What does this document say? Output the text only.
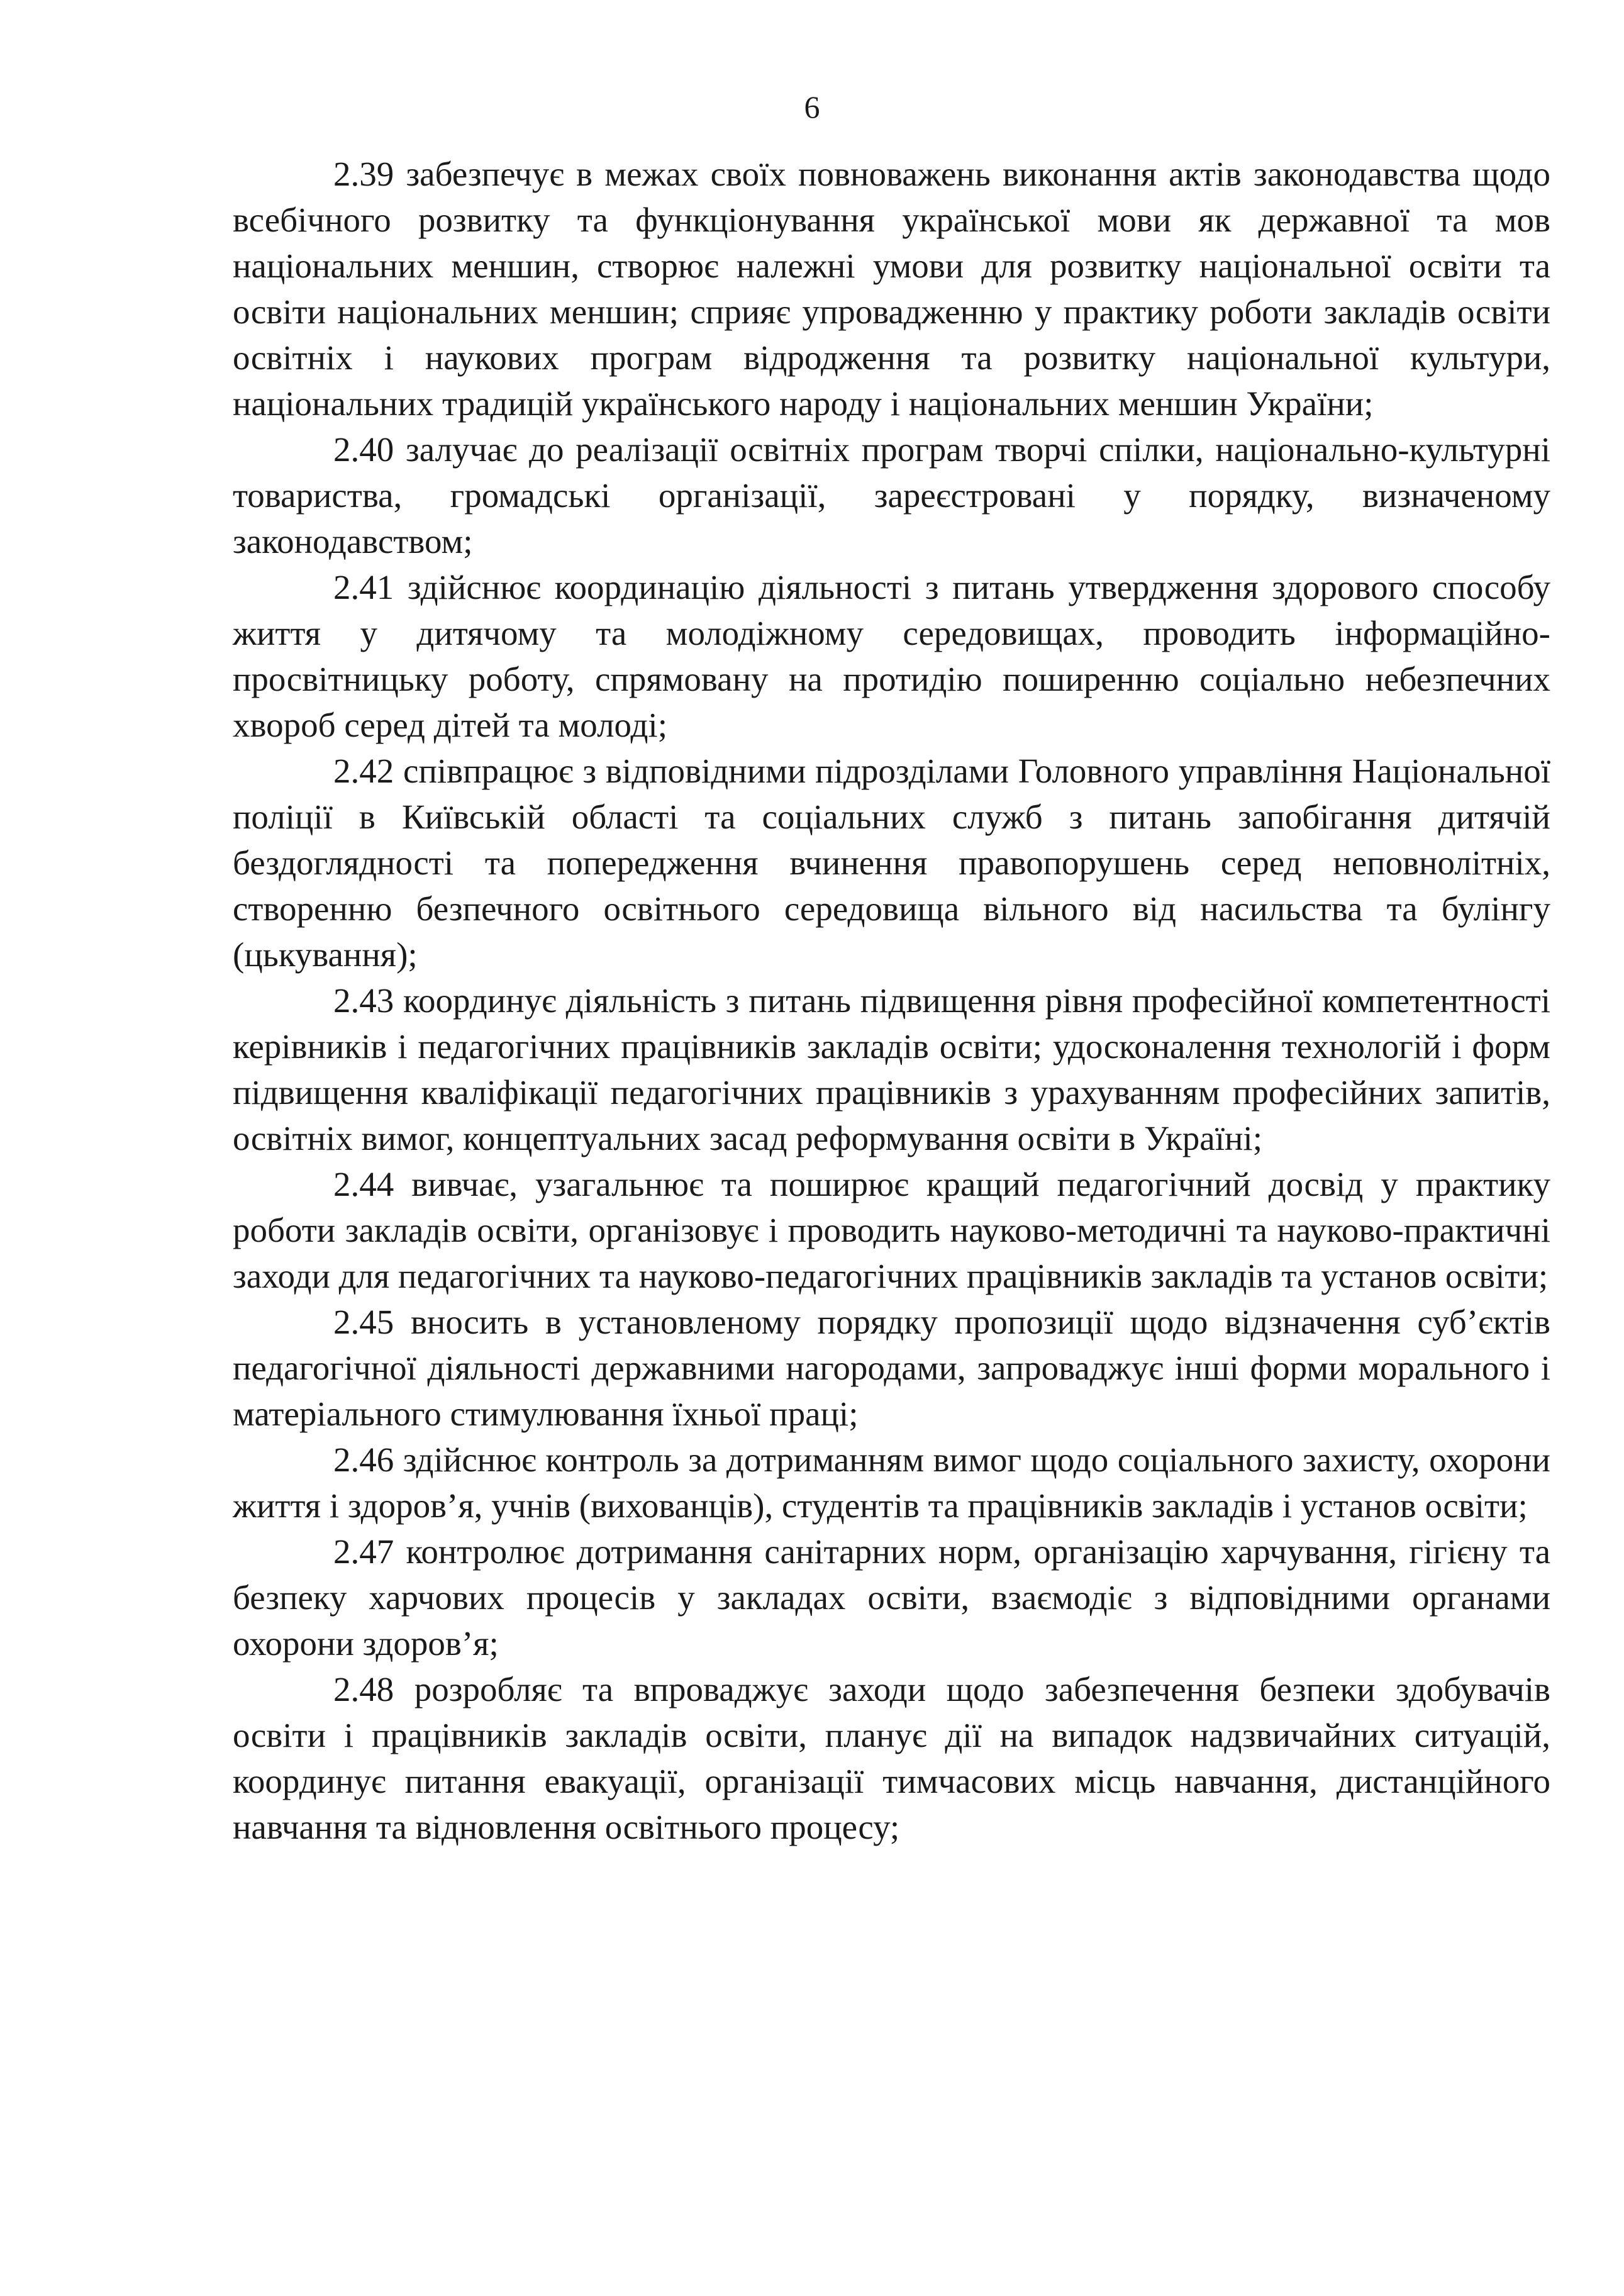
6

2.39 забезпечує в межах своїх повноважень виконання актів законодавства щодо всебічного розвитку та функціонування української мови як державної та мов національних меншин, створює належні умови для розвитку національної освіти та освіти національних меншин; сприяє упровадженню у практику роботи закладів освіти освітніх і наукових програм відродження та розвитку національної культури, національних традицій українського народу і національних меншин України;

2.40 залучає до реалізації освітніх програм творчі спілки, національно-культурні товариства, громадські організації, зареєстровані у порядку, визначеному законодавством;

2.41 здійснює координацію діяльності з питань утвердження здорового способу життя у дитячому та молодіжному середовищах, проводить інформаційно-просвітницьку роботу, спрямовану на протидію поширенню соціально небезпечних хвороб серед дітей та молоді;

2.42 співпрацює з відповідними підрозділами Головного управління Національної поліції в Київській області та соціальних служб з питань запобігання дитячій бездоглядності та попередження вчинення правопорушень серед неповнолітніх, створенню безпечного освітнього середовища вільного від насильства та булінгу (цькування);

2.43 координує діяльність з питань підвищення рівня професійної компетентності керівників і педагогічних працівників закладів освіти; удосконалення технологій і форм підвищення кваліфікації педагогічних працівників з урахуванням професійних запитів, освітніх вимог, концептуальних засад реформування освіти в Україні;

2.44 вивчає, узагальнює та поширює кращий педагогічний досвід у практику роботи закладів освіти, організовує і проводить науково-методичні та науково-практичні заходи для педагогічних та науково-педагогічних працівників закладів та установ освіти;

2.45 вносить в установленому порядку пропозиції щодо відзначення суб’єктів педагогічної діяльності державними нагородами, запроваджує інші форми морального і матеріального стимулювання їхньої праці;

2.46 здійснює контроль за дотриманням вимог щодо соціального захисту, охорони життя і здоров’я, учнів (вихованців), студентів та працівників закладів і установ освіти;

2.47 контролює дотримання санітарних норм, організацію харчування, гігієну та безпеку харчових процесів у закладах освіти, взаємодіє з відповідними органами охорони здоров’я;

2.48 розробляє та впроваджує заходи щодо забезпечення безпеки здобувачів освіти і працівників закладів освіти, планує дії на випадок надзвичайних ситуацій, координує питання евакуації, організації тимчасових місць навчання, дистанційного навчання та відновлення освітнього процесу;
